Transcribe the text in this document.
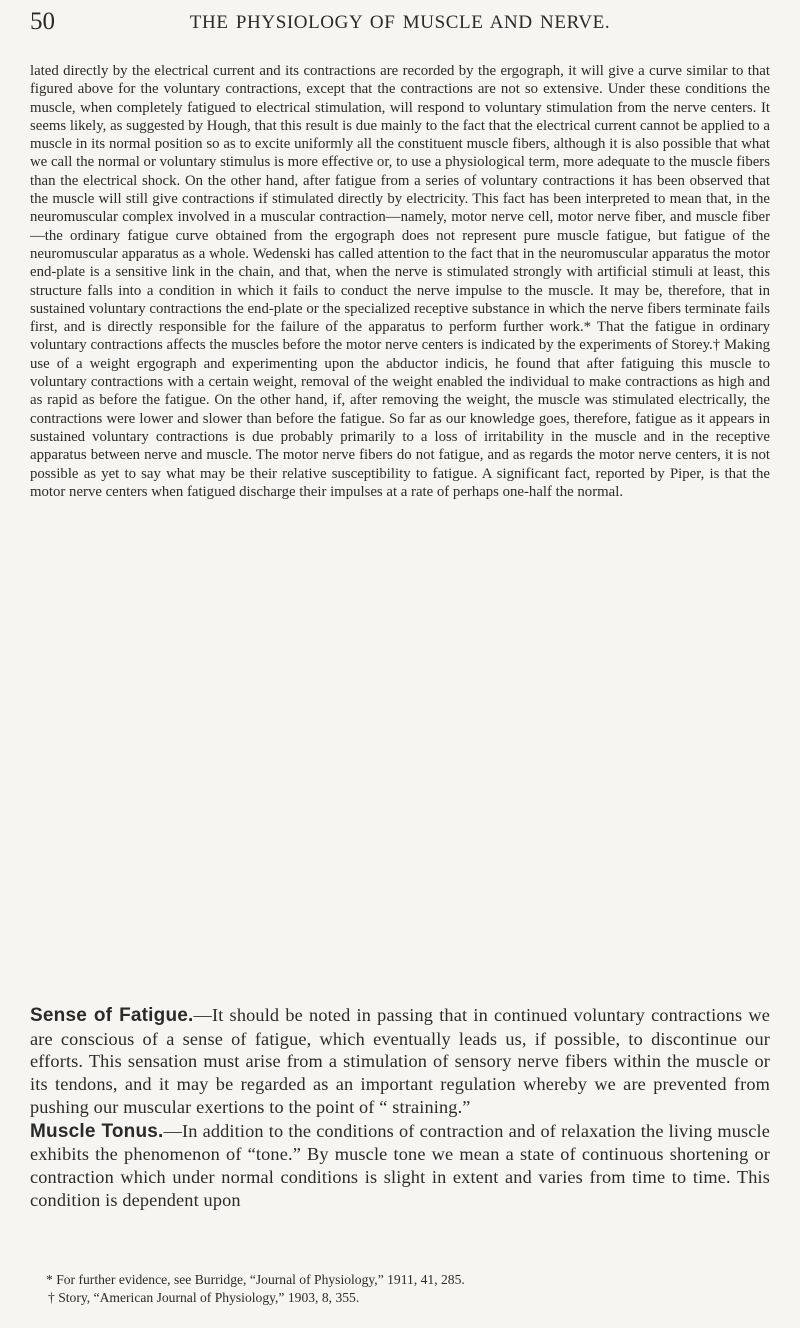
50	THE PHYSIOLOGY OF MUSCLE AND NERVE.

lated directly by the electrical current and its contractions are recorded by the ergograph, it will give a curve similar to that figured above for the voluntary contractions, except that the contractions are not so extensive. Under these conditions the muscle, when completely fatigued to electrical stimulation, will respond to voluntary stimulation from the nerve centers. It seems likely, as suggested by Hough, that this result is due mainly to the fact that the electrical current cannot be applied to a muscle in its normal position so as to excite uniformly all the constituent muscle fibers, although it is also possible that what we call the normal or voluntary stimulus is more effective or, to use a physiological term, more adequate to the muscle fibers than the electrical shock. On the other hand, after fatigue from a series of voluntary contractions it has been observed that the muscle will still give contractions if stimulated directly by electricity. This fact has been interpreted to mean that, in the neuromuscular complex involved in a muscular contraction—namely, motor nerve cell, motor nerve fiber, and muscle fiber—the ordinary fatigue curve obtained from the ergograph does not represent pure muscle fatigue, but fatigue of the neuromuscular apparatus as a whole. Wedenski has called attention to the fact that in the neuromuscular apparatus the motor end-plate is a sensitive link in the chain, and that, when the nerve is stimulated strongly with artificial stimuli at least, this structure falls into a condition in which it fails to conduct the nerve impulse to the muscle. It may be, therefore, that in sustained voluntary contractions the end-plate or the specialized receptive substance in which the nerve fibers terminate fails first, and is directly responsible for the failure of the apparatus to perform further work.* That the fatigue in ordinary voluntary contractions affects the muscles before the motor nerve centers is indicated by the experiments of Storey.† Making use of a weight ergograph and experimenting upon the abductor indicis, he found that after fatiguing this muscle to voluntary contractions with a certain weight, removal of the weight enabled the individual to make contractions as high and as rapid as before the fatigue. On the other hand, if, after removing the weight, the muscle was stimulated electrically, the contractions were lower and slower than before the fatigue. So far as our knowledge goes, therefore, fatigue as it appears in sustained voluntary contractions is due probably primarily to a loss of irritability in the muscle and in the receptive apparatus between nerve and muscle. The motor nerve fibers do not fatigue, and as regards the motor nerve centers, it is not possible as yet to say what may be their relative susceptibility to fatigue. A significant fact, reported by Piper, is that the motor nerve centers when fatigued discharge their impulses at a rate of perhaps one-half the normal.

Sense of Fatigue.—It should be noted in passing that in continued voluntary contractions we are conscious of a sense of fatigue, which eventually leads us, if possible, to discontinue our efforts. This sensation must arise from a stimulation of sensory nerve fibers within the muscle or its tendons, and it may be regarded as an important regulation whereby we are prevented from pushing our muscular exertions to the point of “ straining.”

Muscle Tonus.—In addition to the conditions of contraction and of relaxation the living muscle exhibits the phenomenon of “tone.” By muscle tone we mean a state of continuous shortening or contraction which under normal conditions is slight in extent and varies from time to time. This condition is dependent upon

* For further evidence, see Burridge, “Journal of Physiology,” 1911, 41, 285.

† Story, “American Journal of Physiology,” 1903, 8, 355.
